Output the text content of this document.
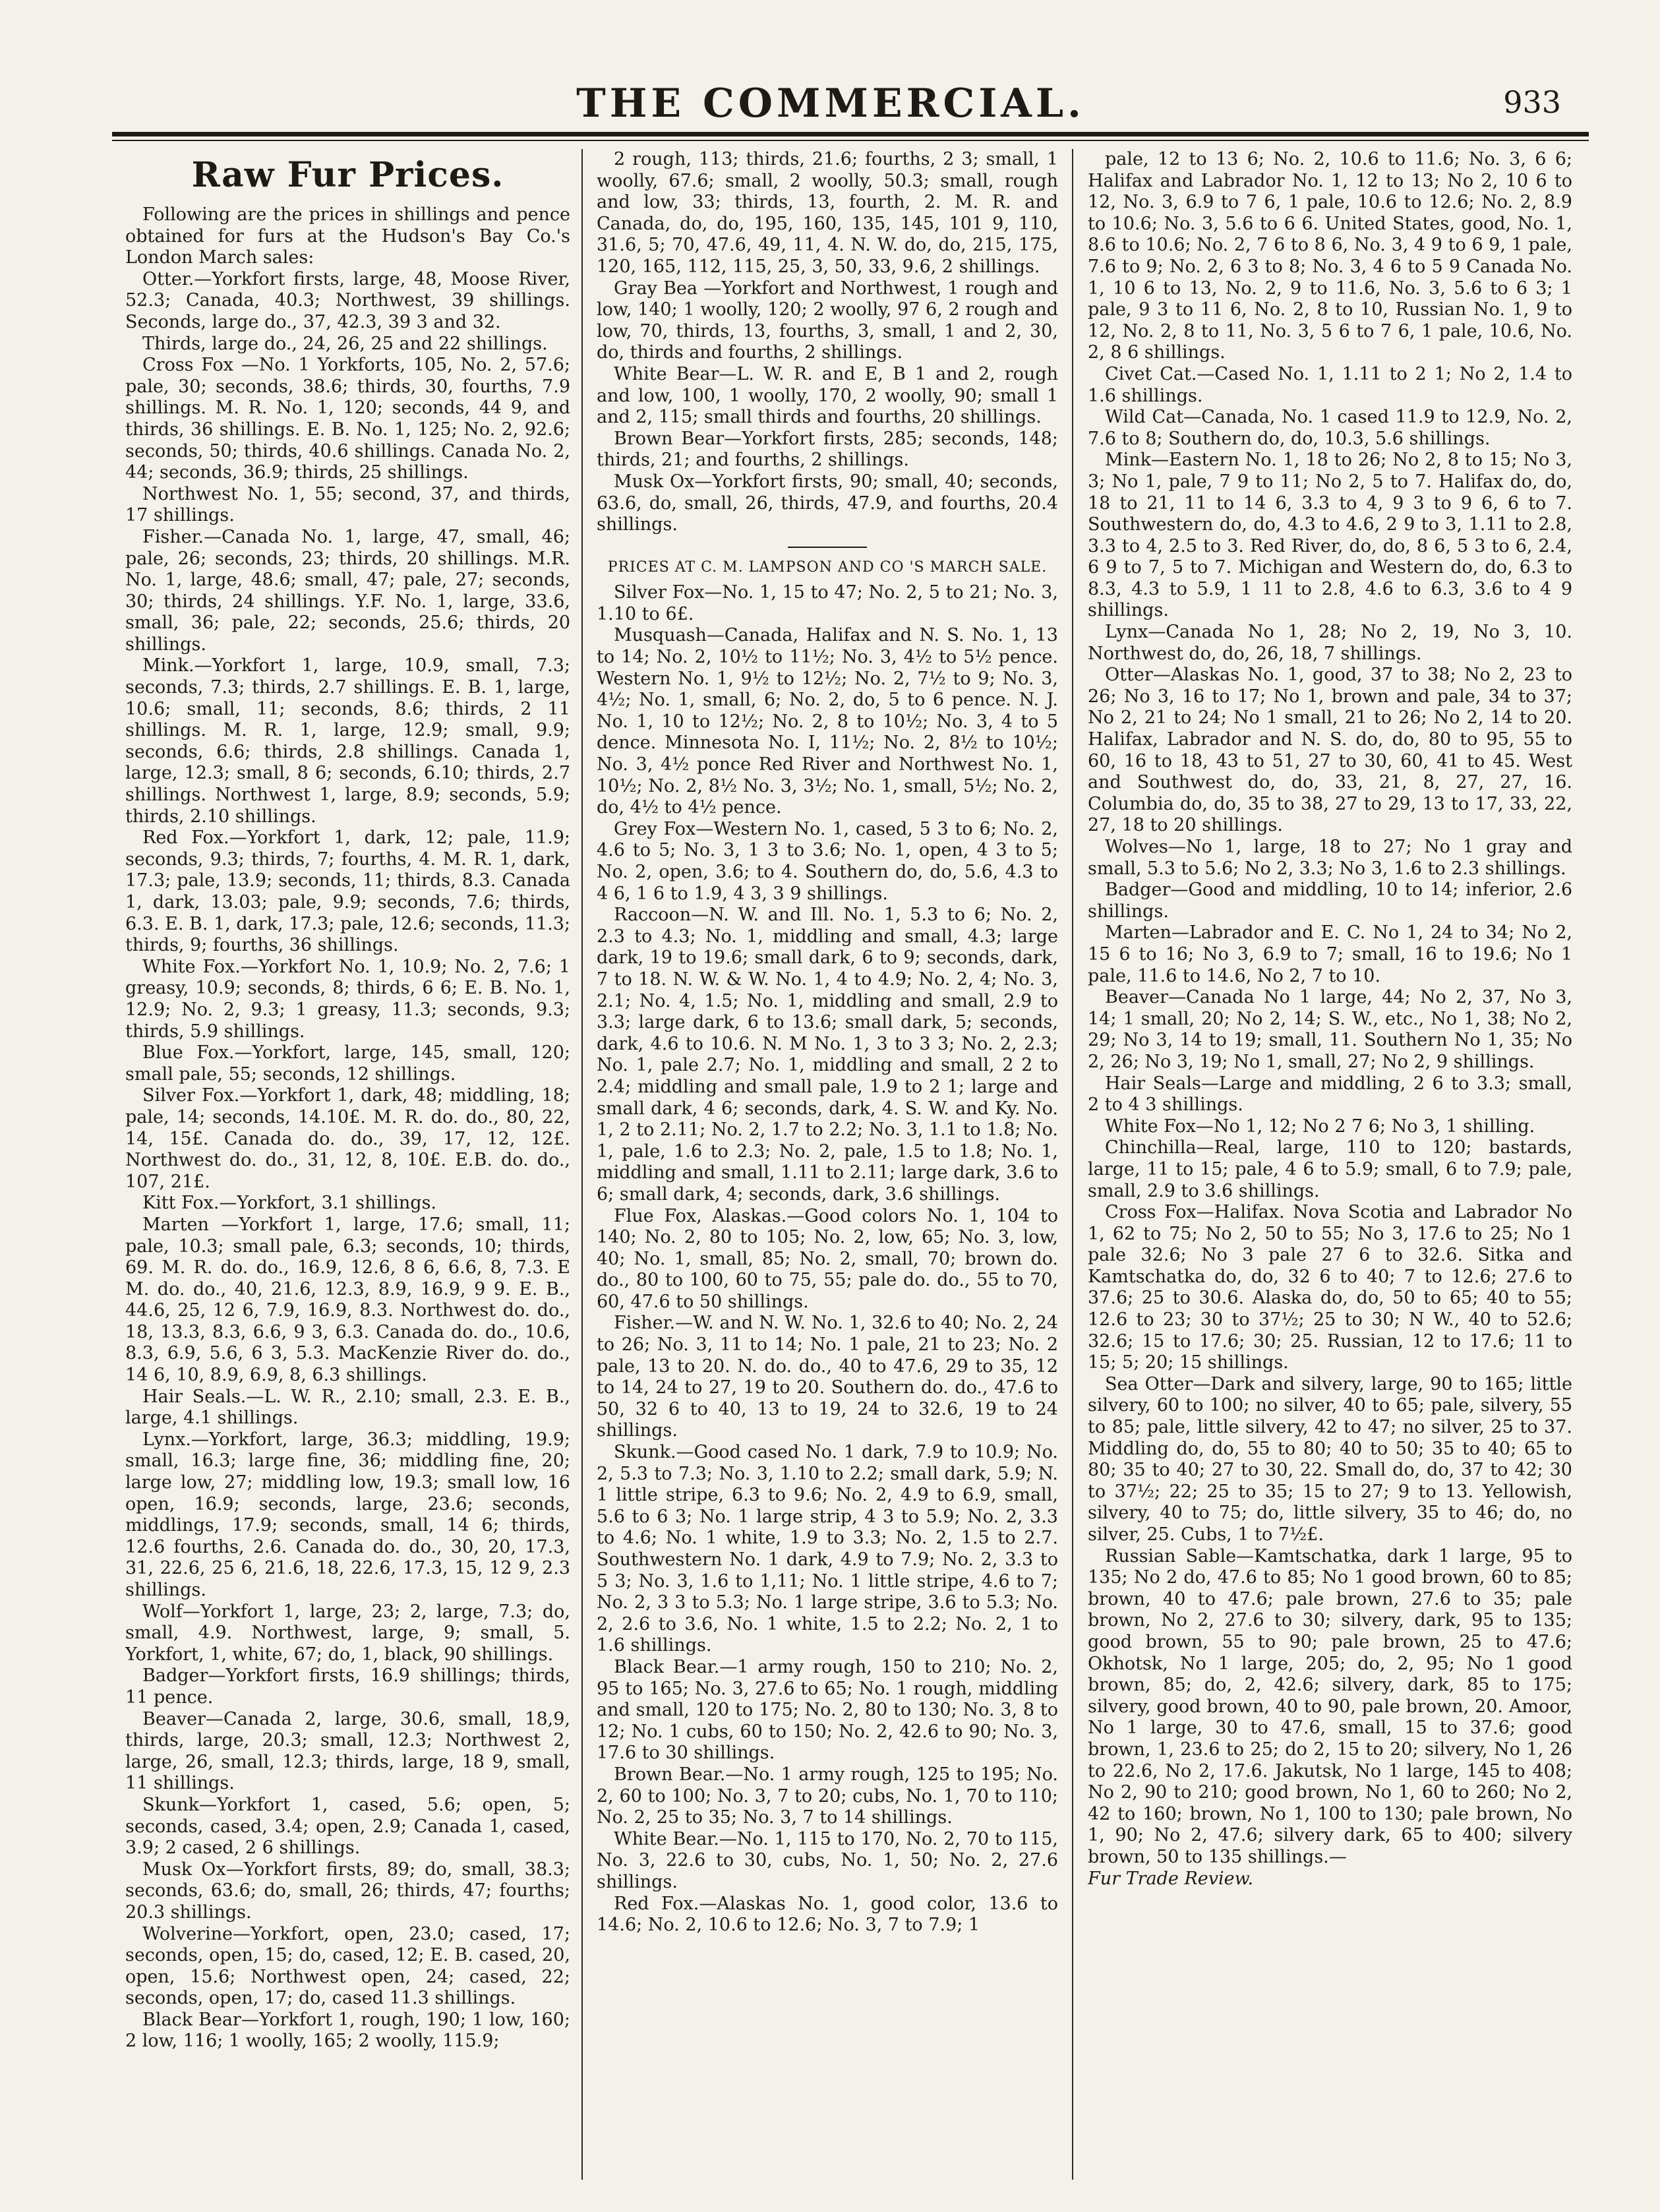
THE COMMERCIAL.	933
Raw Fur Prices.

Following are the prices in shillings and pence obtained for furs at the Hudson's Bay Co.'s London March sales:

Otter.—Yorkfort firsts, large, 48, Moose River, 52.3; Canada, 40.3; Northwest, 39 shillings. Seconds, large do., 37, 42.3, 39 3 and 32.

Thirds, large do., 24, 26, 25 and 22 shillings.

Cross Fox —No. 1 Yorkforts, 105, No. 2, 57.6; pale, 30; seconds, 38.6; thirds, 30, fourths, 7.9 shillings. M. R. No. 1, 120; seconds, 44 9, and thirds, 36 shillings. E. B. No. 1, 125; No. 2, 92.6; seconds, 50; thirds, 40.6 shillings. Canada No. 2, 44; seconds, 36.9; thirds, 25 shillings.

Northwest No. 1, 55; second, 37, and thirds, 17 shillings.

Fisher.—Canada No. 1, large, 47, small, 46; pale, 26; seconds, 23; thirds, 20 shillings. M.R. No. 1, large, 48.6; small, 47; pale, 27; seconds, 30; thirds, 24 shillings. Y.F. No. 1, large, 33.6, small, 36; pale, 22; seconds, 25.6; thirds, 20 shillings.

Mink.—Yorkfort 1, large, 10.9, small, 7.3; seconds, 7.3; thirds, 2.7 shillings. E. B. 1, large, 10.6; small, 11; seconds, 8.6; thirds, 2 11 shillings. M. R. 1, large, 12.9; small, 9.9; seconds, 6.6; thirds, 2.8 shillings. Canada 1, large, 12.3; small, 8 6; seconds, 6.10; thirds, 2.7 shillings. Northwest 1, large, 8.9; seconds, 5.9; thirds, 2.10 shillings.

Red Fox.—Yorkfort 1, dark, 12; pale, 11.9; seconds, 9.3; thirds, 7; fourths, 4. M. R. 1, dark, 17.3; pale, 13.9; seconds, 11; thirds, 8.3. Canada 1, dark, 13.03; pale, 9.9; seconds, 7.6; thirds, 6.3. E. B. 1, dark, 17.3; pale, 12.6; seconds, 11.3; thirds, 9; fourths, 36 shillings.

White Fox.—Yorkfort No. 1, 10.9; No. 2, 7.6; 1 greasy, 10.9; seconds, 8; thirds, 6 6; E. B. No. 1, 12.9; No. 2, 9.3; 1 greasy, 11.3; seconds, 9.3; thirds, 5.9 shillings.

Blue Fox.—Yorkfort, large, 145, small, 120; small pale, 55; seconds, 12 shillings.

Silver Fox.—Yorkfort 1, dark, 48; middling, 18; pale, 14; seconds, 14.10£. M. R. do. do., 80, 22, 14, 15£. Canada do. do., 39, 17, 12, 12£. Northwest do. do., 31, 12, 8, 10£. E.B. do. do., 107, 21£.

Kitt Fox.—Yorkfort, 3.1 shillings.

Marten —Yorkfort 1, large, 17.6; small, 11; pale, 10.3; small pale, 6.3; seconds, 10; thirds, 69. M. R. do. do., 16.9, 12.6, 8 6, 6.6, 8, 7.3. E M. do. do., 40, 21.6, 12.3, 8.9, 16.9, 9 9. E. B., 44.6, 25, 12 6, 7.9, 16.9, 8.3. Northwest do. do., 18, 13.3, 8.3, 6.6, 9 3, 6.3. Canada do. do., 10.6, 8.3, 6.9, 5.6, 6 3, 5.3. MacKenzie River do. do., 14 6, 10, 8.9, 6.9, 8, 6.3 shillings.

Hair Seals.—L. W. R., 2.10; small, 2.3. E. B., large, 4.1 shillings.

Lynx.—Yorkfort, large, 36.3; middling, 19.9; small, 16.3; large fine, 36; middling fine, 20; large low, 27; middling low, 19.3; small low, 16 open, 16.9; seconds, large, 23.6; seconds, middlings, 17.9; seconds, small, 14 6; thirds, 12.6 fourths, 2.6. Canada do. do., 30, 20, 17.3, 31, 22.6, 25 6, 21.6, 18, 22.6, 17.3, 15, 12 9, 2.3 shillings.

Wolf—Yorkfort 1, large, 23; 2, large, 7.3; do, small, 4.9. Northwest, large, 9; small, 5. Yorkfort, 1, white, 67; do, 1, black, 90 shillings.

Badger—Yorkfort firsts, 16.9 shillings; thirds, 11 pence.

Beaver—Canada 2, large, 30.6, small, 18,9, thirds, large, 20.3; small, 12.3; Northwest 2, large, 26, small, 12.3; thirds, large, 18 9, small, 11 shillings.

Skunk—Yorkfort 1, cased, 5.6; open, 5; seconds, cased, 3.4; open, 2.9; Canada 1, cased, 3.9; 2 cased, 2 6 shillings.

Musk Ox—Yorkfort firsts, 89; do, small, 38.3; seconds, 63.6; do, small, 26; thirds, 47; fourths; 20.3 shillings.

Wolverine—Yorkfort, open, 23.0; cased, 17; seconds, open, 15; do, cased, 12; E. B. cased, 20, open, 15.6; Northwest open, 24; cased, 22; seconds, open, 17; do, cased 11.3 shillings.

Black Bear—Yorkfort 1, rough, 190; 1 low, 160; 2 low, 116; 1 woolly, 165; 2 woolly, 115.9;

2 rough, 113; thirds, 21.6; fourths, 2 3; small, 1 woolly, 67.6; small, 2 woolly, 50.3; small, rough and low, 33; thirds, 13, fourth, 2. M. R. and Canada, do, do, 195, 160, 135, 145, 101 9, 110, 31.6, 5; 70, 47.6, 49, 11, 4. N. W. do, do, 215, 175, 120, 165, 112, 115, 25, 3, 50, 33, 9.6, 2 shillings.

Gray Bea —Yorkfort and Northwest, 1 rough and low, 140; 1 woolly, 120; 2 woolly, 97 6, 2 rough and low, 70, thirds, 13, fourths, 3, small, 1 and 2, 30, do, thirds and fourths, 2 shillings.

White Bear—L. W. R. and E, B 1 and 2, rough and low, 100, 1 woolly, 170, 2 woolly, 90; small 1 and 2, 115; small thirds and fourths, 20 shillings.

Brown Bear—Yorkfort firsts, 285; seconds, 148; thirds, 21; and fourths, 2 shillings.

Musk Ox—Yorkfort firsts, 90; small, 40; seconds, 63.6, do, small, 26, thirds, 47.9, and fourths, 20.4 shillings.

PRICES AT C. M. LAMPSON AND CO 'S MARCH SALE.

Silver Fox—No. 1, 15 to 47; No. 2, 5 to 21; No. 3, 1.10 to 6£.

Musquash—Canada, Halifax and N. S. No. 1, 13 to 14; No. 2, 10½ to 11½; No. 3, 4½ to 5½ pence. Western No. 1, 9½ to 12½; No. 2, 7½ to 9; No. 3, 4½; No. 1, small, 6; No. 2, do, 5 to 6 pence. N. J. No. 1, 10 to 12½; No. 2, 8 to 10½; No. 3, 4 to 5 dence. Minnesota No. I, 11½; No. 2, 8½ to 10½; No. 3, 4½ ponce Red River and Northwest No. 1, 10½; No. 2, 8½ No. 3, 3½; No. 1, small, 5½; No. 2, do, 4½ to 4½ pence.

Grey Fox—Western No. 1, cased, 5 3 to 6; No. 2, 4.6 to 5; No. 3, 1 3 to 3.6; No. 1, open, 4 3 to 5; No. 2, open, 3.6; to 4. Southern do, do, 5.6, 4.3 to 4 6, 1 6 to 1.9, 4 3, 3 9 shillings.

Raccoon—N. W. and Ill. No. 1, 5.3 to 6; No. 2, 2.3 to 4.3; No. 1, middling and small, 4.3; large dark, 19 to 19.6; small dark, 6 to 9; seconds, dark, 7 to 18. N. W. & W. No. 1, 4 to 4.9; No. 2, 4; No. 3, 2.1; No. 4, 1.5; No. 1, middling and small, 2.9 to 3.3; large dark, 6 to 13.6; small dark, 5; seconds, dark, 4.6 to 10.6. N. M No. 1, 3 to 3 3; No. 2, 2.3; No. 1, pale 2.7; No. 1, middling and small, 2 2 to 2.4; middling and small pale, 1.9 to 2 1; large and small dark, 4 6; seconds, dark, 4. S. W. and Ky. No. 1, 2 to 2.11; No. 2, 1.7 to 2.2; No. 3, 1.1 to 1.8; No. 1, pale, 1.6 to 2.3; No. 2, pale, 1.5 to 1.8; No. 1, middling and small, 1.11 to 2.11; large dark, 3.6 to 6; small dark, 4; seconds, dark, 3.6 shillings.

Flue Fox, Alaskas.—Good colors No. 1, 104 to 140; No. 2, 80 to 105; No. 2, low, 65; No. 3, low, 40; No. 1, small, 85; No. 2, small, 70; brown do. do., 80 to 100, 60 to 75, 55; pale do. do., 55 to 70, 60, 47.6 to 50 shillings.

Fisher.—W. and N. W. No. 1, 32.6 to 40; No. 2, 24 to 26; No. 3, 11 to 14; No. 1 pale, 21 to 23; No. 2 pale, 13 to 20. N. do. do., 40 to 47.6, 29 to 35, 12 to 14, 24 to 27, 19 to 20. Southern do. do., 47.6 to 50, 32 6 to 40, 13 to 19, 24 to 32.6, 19 to 24 shillings.

Skunk.—Good cased No. 1 dark, 7.9 to 10.9; No. 2, 5.3 to 7.3; No. 3, 1.10 to 2.2; small dark, 5.9; N. 1 little stripe, 6.3 to 9.6; No. 2, 4.9 to 6.9, small, 5.6 to 6 3; No. 1 large strip, 4 3 to 5.9; No. 2, 3.3 to 4.6; No. 1 white, 1.9 to 3.3; No. 2, 1.5 to 2.7. Southwestern No. 1 dark, 4.9 to 7.9; No. 2, 3.3 to 5 3; No. 3, 1.6 to 1,11; No. 1 little stripe, 4.6 to 7; No. 2, 3 3 to 5.3; No. 1 large stripe, 3.6 to 5.3; No. 2, 2.6 to 3.6, No. 1 white, 1.5 to 2.2; No. 2, 1 to 1.6 shillings.

Black Bear.—1 army rough, 150 to 210; No. 2, 95 to 165; No. 3, 27.6 to 65; No. 1 rough, middling and small, 120 to 175; No. 2, 80 to 130; No. 3, 8 to 12; No. 1 cubs, 60 to 150; No. 2, 42.6 to 90; No. 3, 17.6 to 30 shillings.

Brown Bear.—No. 1 army rough, 125 to 195; No. 2, 60 to 100; No. 3, 7 to 20; cubs, No. 1, 70 to 110; No. 2, 25 to 35; No. 3, 7 to 14 shillings.

White Bear.—No. 1, 115 to 170, No. 2, 70 to 115, No. 3, 22.6 to 30, cubs, No. 1, 50; No. 2, 27.6 shillings.

Red Fox.—Alaskas No. 1, good color, 13.6 to 14.6; No. 2, 10.6 to 12.6; No. 3, 7 to 7.9; 1

pale, 12 to 13 6; No. 2, 10.6 to 11.6; No. 3, 6 6; Halifax and Labrador No. 1, 12 to 13; No 2, 10 6 to 12, No. 3, 6.9 to 7 6, 1 pale, 10.6 to 12.6; No. 2, 8.9 to 10.6; No. 3, 5.6 to 6 6. United States, good, No. 1, 8.6 to 10.6; No. 2, 7 6 to 8 6, No. 3, 4 9 to 6 9, 1 pale, 7.6 to 9; No. 2, 6 3 to 8; No. 3, 4 6 to 5 9 Canada No. 1, 10 6 to 13, No. 2, 9 to 11.6, No. 3, 5.6 to 6 3; 1 pale, 9 3 to 11 6, No. 2, 8 to 10, Russian No. 1, 9 to 12, No. 2, 8 to 11, No. 3, 5 6 to 7 6, 1 pale, 10.6, No. 2, 8 6 shillings.

Civet Cat.—Cased No. 1, 1.11 to 2 1; No 2, 1.4 to 1.6 shillings.

Wild Cat—Canada, No. 1 cased 11.9 to 12.9, No. 2, 7.6 to 8; Southern do, do, 10.3, 5.6 shillings.

Mink—Eastern No. 1, 18 to 26; No 2, 8 to 15; No 3, 3; No 1, pale, 7 9 to 11; No 2, 5 to 7. Halifax do, do, 18 to 21, 11 to 14 6, 3.3 to 4, 9 3 to 9 6, 6 to 7. Southwestern do, do, 4.3 to 4.6, 2 9 to 3, 1.11 to 2.8, 3.3 to 4, 2.5 to 3. Red River, do, do, 8 6, 5 3 to 6, 2.4, 6 9 to 7, 5 to 7. Michigan and Western do, do, 6.3 to 8.3, 4.3 to 5.9, 1 11 to 2.8, 4.6 to 6.3, 3.6 to 4 9 shillings.

Lynx—Canada No 1, 28; No 2, 19, No 3, 10. Northwest do, do, 26, 18, 7 shillings.

Otter—Alaskas No. 1, good, 37 to 38; No 2, 23 to 26; No 3, 16 to 17; No 1, brown and pale, 34 to 37; No 2, 21 to 24; No 1 small, 21 to 26; No 2, 14 to 20. Halifax, Labrador and N. S. do, do, 80 to 95, 55 to 60, 16 to 18, 43 to 51, 27 to 30, 60, 41 to 45. West and Southwest do, do, 33, 21, 8, 27, 27, 16. Columbia do, do, 35 to 38, 27 to 29, 13 to 17, 33, 22, 27, 18 to 20 shillings.

Wolves—No 1, large, 18 to 27; No 1 gray and small, 5.3 to 5.6; No 2, 3.3; No 3, 1.6 to 2.3 shillings.

Badger—Good and middling, 10 to 14; inferior, 2.6 shillings.

Marten—Labrador and E. C. No 1, 24 to 34; No 2, 15 6 to 16; No 3, 6.9 to 7; small, 16 to 19.6; No 1 pale, 11.6 to 14.6, No 2, 7 to 10.

Beaver—Canada No 1 large, 44; No 2, 37, No 3, 14; 1 small, 20; No 2, 14; S. W., etc., No 1, 38; No 2, 29; No 3, 14 to 19; small, 11. Southern No 1, 35; No 2, 26; No 3, 19; No 1, small, 27; No 2, 9 shillings.

Hair Seals—Large and middling, 2 6 to 3.3; small, 2 to 4 3 shillings.

White Fox—No 1, 12; No 2 7 6; No 3, 1 shilling.

Chinchilla—Real, large, 110 to 120; bastards, large, 11 to 15; pale, 4 6 to 5.9; small, 6 to 7.9; pale, small, 2.9 to 3.6 shillings.

Cross Fox—Halifax. Nova Scotia and Labrador No 1, 62 to 75; No 2, 50 to 55; No 3, 17.6 to 25; No 1 pale 32.6; No 3 pale 27 6 to 32.6. Sitka and Kamtschatka do, do, 32 6 to 40; 7 to 12.6; 27.6 to 37.6; 25 to 30.6. Alaska do, do, 50 to 65; 40 to 55; 12.6 to 23; 30 to 37½; 25 to 30; N W., 40 to 52.6; 32.6; 15 to 17.6; 30; 25. Russian, 12 to 17.6; 11 to 15; 5; 20; 15 shillings.

Sea Otter—Dark and silvery, large, 90 to 165; little silvery, 60 to 100; no silver, 40 to 65; pale, silvery, 55 to 85; pale, little silvery, 42 to 47; no silver, 25 to 37. Middling do, do, 55 to 80; 40 to 50; 35 to 40; 65 to 80; 35 to 40; 27 to 30, 22. Small do, do, 37 to 42; 30 to 37½; 22; 25 to 35; 15 to 27; 9 to 13. Yellowish, silvery, 40 to 75; do, little silvery, 35 to 46; do, no silver, 25. Cubs, 1 to 7½£.

Russian Sable—Kamtschatka, dark 1 large, 95 to 135; No 2 do, 47.6 to 85; No 1 good brown, 60 to 85; brown, 40 to 47.6; pale brown, 27.6 to 35; pale brown, No 2, 27.6 to 30; silvery, dark, 95 to 135; good brown, 55 to 90; pale brown, 25 to 47.6; Okhotsk, No 1 large, 205; do, 2, 95; No 1 good brown, 85; do, 2, 42.6; silvery, dark, 85 to 175; silvery, good brown, 40 to 90, pale brown, 20. Amoor, No 1 large, 30 to 47.6, small, 15 to 37.6; good brown, 1, 23.6 to 25; do 2, 15 to 20; silvery, No 1, 26 to 22.6, No 2, 17.6. Jakutsk, No 1 large, 145 to 408; No 2, 90 to 210; good brown, No 1, 60 to 260; No 2, 42 to 160; brown, No 1, 100 to 130; pale brown, No 1, 90; No 2, 47.6; silvery dark, 65 to 400; silvery brown, 50 to 135 shillings.—

Fur Trade Review.
